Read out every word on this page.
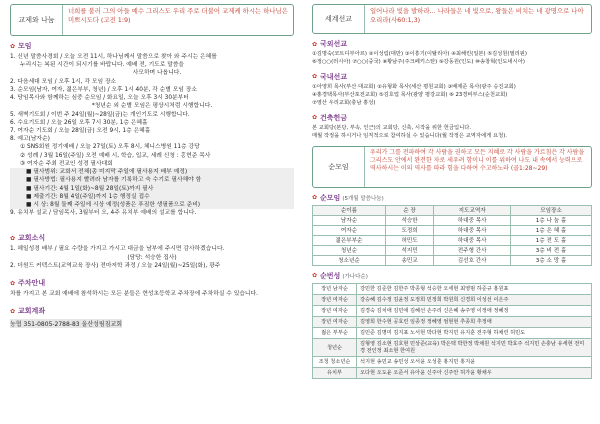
교제와 나눔
너희를 불러 그의 아들 예수 그리스도 우리 주로 더불어 교제케 하시는 하나님은 미쁘시도다 (고전 1:9)
✿ 모임
1. 신년 말씀사경회 / 오늘 오전 11시, 하나님께서 말씀으로 찾아 와 주시는 은혜를
누리시는 복된 시간이 되시기를 바랍니다. 예배 전, 기도로 말씀을
사모하며 나옵니다.
2. 다음세대 모임 / 오후 1시, 각 모임 장소
3. 순모임(남자, 여자, 젊은부부, 청년) / 오후 1시 40분, 각 순별 모임 장소
4. 당임목사와 함께하는 심중 순모임 / 화요일, 오늘 오후 3시 30분부터
*청년순 외 순별 모임은 평상시처럼 시행합니다.
5. 새벽기도회 / 이번 주 24일(월)~28일(금)는 개인기도로 시행합니다.
6. 수요기도회 / 오늘 26일 오후 7시 30분, 1층 은혜홀
7. 여자순 기도회 / 오늘 28일(금) 오전 9시, 1층 은혜홀
8. 예고(남자순)
① SNS회원 정기예배 / 오늘 27일(토) 오후 8시, 체니스병원 11층 강당
② 성례 / 3월 16일(주일) 오전 예배 시, 학습, 입교, 세례 신청 : 홍현준 목사
③ 여자순 주최 전교인 성경 필사대회
■ 필사범위: 교회서 전체(총 미지막 주일에 필사용지 배부 예정)
■ 필사방법: 필사용지 빨려라 남자를 기록하고 숙 수기로 필사해야 함
■ 필사기간: 4월 1일(화)~8월 28일(토)까지 필사
■ 제출기간: 8월 4일(주일)까지 1층 행정실 접수
■ 시 상: 8월 둘째 주일에 시상 예정(성품은 푸짐한 생필품으로 준비)
9. 유치부 설교 / 담임목사, 3월부터 오, 4주 유치부 예배의 설교를 합니다.
✿ 교회소식
1. 헤일성경 배부 / 필요 수량을 가지고 가시고 대금을 남부에 주시면 감사하겠습니다.
(담당: 석승한 집사)
2. 더원드 커텍스트(교역교육 장사) 전마저학 과정 / 오늘 24일(월)~25일(화), 광주
✿ 주차안내
차를 가지고 본 교회 예배에 참석하시는 모든 분들은 현성초등학교 주차장에 주차하실 수 있습니다.
✿ 교회계좌
농협 351-0805-2788-83 울산성림침교회
세계선교
일어나라 빛을 발하라... 나라들은 네 빛으로, 왕들은 비치는 네 광명으로 나아오리라(사60:1,3)
✿ 국외선교
①김명숙(코트디부아르) ②이성림(대만) ③이흥기(이탈리아) ④최해린(일본) ⑤김성원(필리핀)
⑥정○○(러시아) ⑦○○(중국) ⑧황남주(주크페키스탄) ⑨강동원(인도) ⑩송창혁(인도네시아)
✿ 국내선교
①아영희 목사(부산 대교회) ②유형화 목사(세산 평원교회) ③배제준 목사(광주 승진교회)
④홍경택목사(부산포전교회) ⑤김호업 목사(광양 평강교회) ⑥ 23경비부스(순천교회)
⑦영산 우리교회(충남 홍성)
✿ 건축헌금
본 교회당(본당, 부속, 인근)의 교회당, 신축, 시작을 위한 헌금입니다.
매월 작정을 하시거나 임직적으로 참여하실 수 있습니다(월 작정은 교역자에게 요청).
순모임
우리가 그를 전파하여 각 사람을 권하고 모든 지혜로 각 사람을 가르침은 각 사람을 그리스도 안에서 완전한 자로 세우려 함이니 이를 위하여 나도 내 속에서 능력으로 역사하시는 이의 역사를 따라 힘을 다하여 수고하노라 (골1:28~29)
✿ 순모임 (5개월 말씀나눔)
순이름	순 장	지도교역자	모임장소
남자순	석승한	하대중 목사	1층 나 눔 홀
여자순	도정희	하대중 목사	1층 은 혜 홀
젊은부부순	허민도	하대중 목사	1층 전 도 홀
청년순	석지민	전주형 간사	3층 비 전 홀
청소년순	송민교	김선호 간사	3층 소 망 홀
✿ 순번성 (가나다순)
장년 남자순	강민한 김준한 김한주 박종형 석승한 오세현 최영범 하준규 홍원표
장년 여자순	강승혜 김수정 김윤정 도정희 민정희 박원희 신경희 이성선 이은주
장년 여자순	김경숙 김치애 김민애 김혜선 손주리 신은혜 송주영 이정애 정혜정
장년 여자순	김영희 한수현 공효린 임종정 정혜영 엄현현 추종희 추정애
젊은 부부순	김민준 김명미 김지표 노서현 박다현 박지민 유지훈 전주형 하채린 허민도
청년순	김형영 김소현 김호현 민상준(교육) 박은택 박한정 박채원 석지민 박효주 석지민 손충남 유세현 전미경 전인정 최소현 한여원
조청 청소년순	석지현 송민교 송민성 오서윤 오성훈 홍지민 홍지윤
유치부	오다현 오도윤 오준서 유아윤 신주아 신주안 허가윤 황채우
